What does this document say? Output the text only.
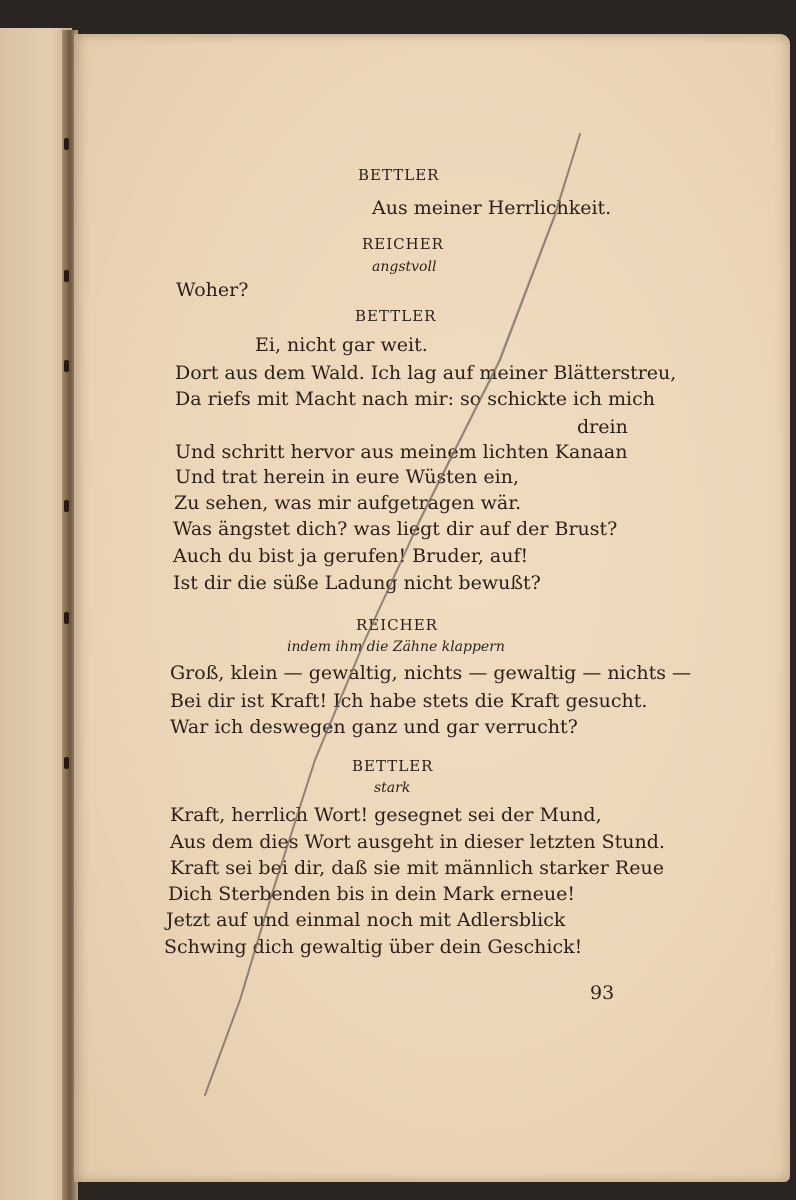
BETTLER
Aus meiner Herrlichkeit.
REICHER
angstvoll
Woher?
BETTLER
Ei, nicht gar weit.
Dort aus dem Wald. Ich lag auf meiner Blätterstreu,
Da riefs mit Macht nach mir: so schickte ich mich
drein
Und schritt hervor aus meinem lichten Kanaan
Und trat herein in eure Wüsten ein,
Zu sehen, was mir aufgetragen wär.
Was ängstet dich? was liegt dir auf der Brust?
Auch du bist ja gerufen! Bruder, auf!
Ist dir die süße Ladung nicht bewußt?
REICHER
indem ihm die Zähne klappern
Groß, klein — gewaltig, nichts — gewaltig — nichts —
Bei dir ist Kraft! Ich habe stets die Kraft gesucht.
War ich deswegen ganz und gar verrucht?
BETTLER
stark
Kraft, herrlich Wort! gesegnet sei der Mund,
Aus dem dies Wort ausgeht in dieser letzten Stund.
Kraft sei bei dir, daß sie mit männlich starker Reue
Dich Sterbenden bis in dein Mark erneue!
Jetzt auf und einmal noch mit Adlersblick
Schwing dich gewaltig über dein Geschick!
93
